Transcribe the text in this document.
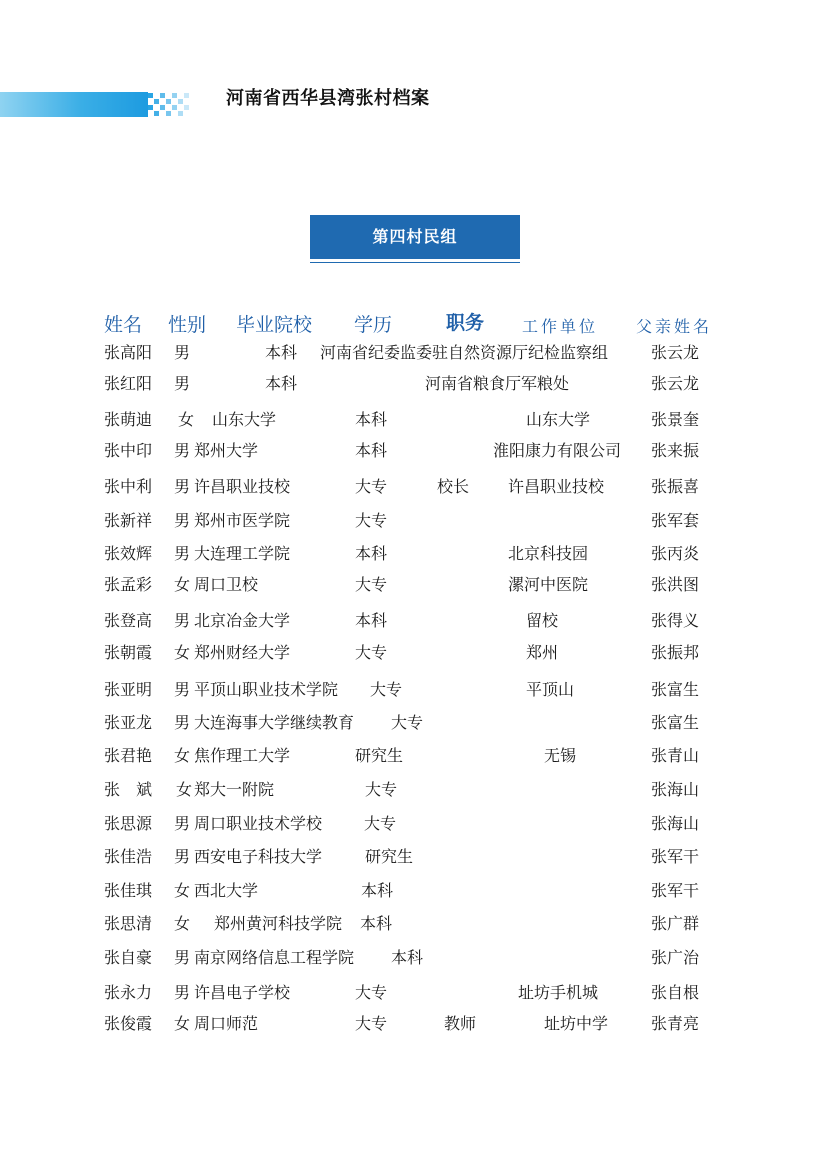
河南省西华县湾张村档案
第四村民组
姓名 性别 毕业院校 学历	职务 工作单位 父亲姓名
张高阳 男	本科 河南省纪委监委驻自然资源厅纪检监察组	张云龙
张红阳 男	本科	河南省粮食厅军粮处	张云龙
张萌迪 女 山东大学	本科	山东大学	张景奎
张中印 男 郑州大学	本科	淮阳康力有限公司 张来振
张中利 男 许昌职业技校	大专	校长 许昌职业技校	张振喜
张新祥 男 郑州市医学院	大专	张军套
张效辉 男 大连理工学院	本科	北京科技园	张丙炎
张孟彩 女 周口卫校	大专	漯河中医院	张洪图
张登高 男 北京冶金大学	本科	留校	张得义
张朝霞 女 郑州财经大学	大专	郑州	张振邦
张亚明 男 平顶山职业技术学院 大专	平顶山	张富生
张亚龙 男 大连海事大学继续教育 大专	张富生
张君艳 女 焦作理工大学	研究生	无锡	张青山
张　斌 女 郑大一附院	大专	张海山
张思源 男 周口职业技术学校	大专	张海山
张佳浩 男 西安电子科技大学	研究生	张军干
张佳琪 女 西北大学	本科	张军干
张思清 女 郑州黄河科技学院 本科	张广群
张自豪 男 南京网络信息工程学院 本科	张广治
张永力 男 许昌电子学校	大专	址坊手机城	张自根
张俊霞 女 周口师范	大专	教师	址坊中学	张青亮
